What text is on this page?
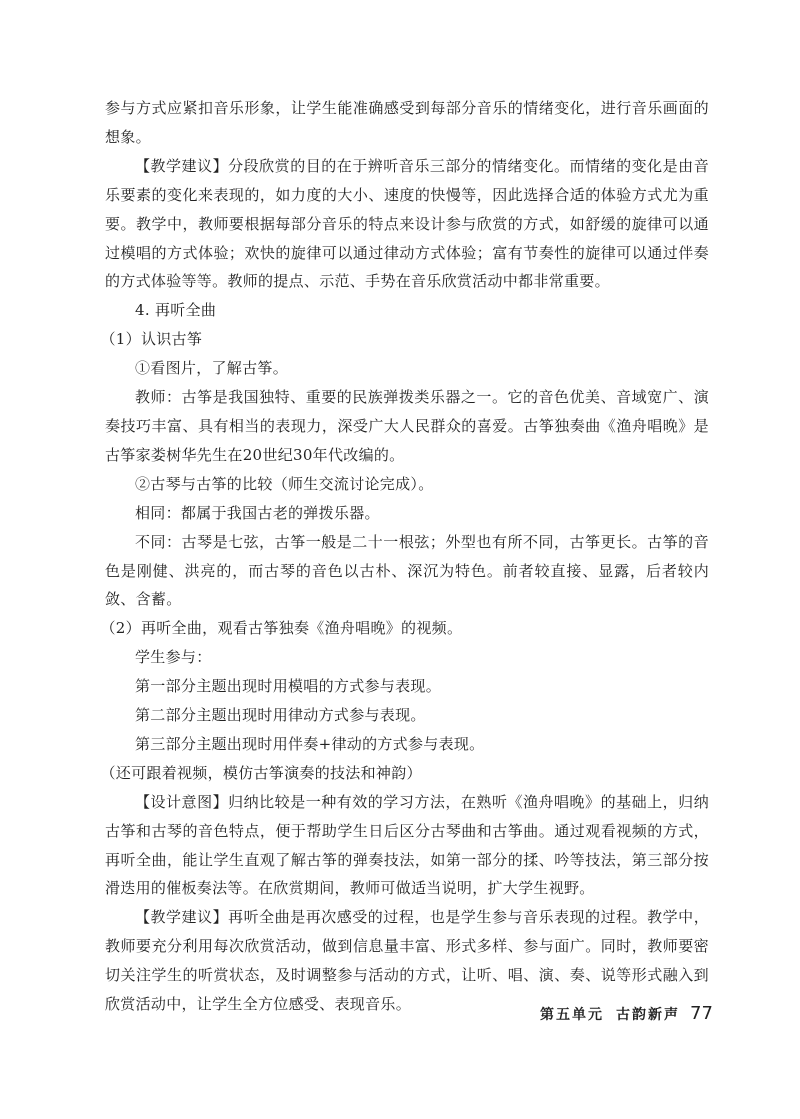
参与方式应紧扣音乐形象，让学生能准确感受到每部分音乐的情绪变化，进行音乐画面的想象。

【教学建议】分段欣赏的目的在于辨听音乐三部分的情绪变化。而情绪的变化是由音乐要素的变化来表现的，如力度的大小、速度的快慢等，因此选择合适的体验方式尤为重要。教学中，教师要根据每部分音乐的特点来设计参与欣赏的方式，如舒缓的旋律可以通过模唱的方式体验；欢快的旋律可以通过律动方式体验；富有节奏性的旋律可以通过伴奏的方式体验等等。教师的提点、示范、手势在音乐欣赏活动中都非常重要。

4. 再听全曲

（1）认识古筝

①看图片，了解古筝。

教师：古筝是我国独特、重要的民族弹拨类乐器之一。它的音色优美、音域宽广、演奏技巧丰富、具有相当的表现力，深受广大人民群众的喜爱。古筝独奏曲《渔舟唱晚》是古筝家娄树华先生在20世纪30年代改编的。

②古琴与古筝的比较（师生交流讨论完成）。

相同：都属于我国古老的弹拨乐器。

不同：古琴是七弦，古筝一般是二十一根弦；外型也有所不同，古筝更长。古筝的音色是刚健、洪亮的，而古琴的音色以古朴、深沉为特色。前者较直接、显露，后者较内敛、含蓄。

（2）再听全曲，观看古筝独奏《渔舟唱晚》的视频。

学生参与：

第一部分主题出现时用模唱的方式参与表现。

第二部分主题出现时用律动方式参与表现。

第三部分主题出现时用伴奏+律动的方式参与表现。

（还可跟着视频，模仿古筝演奏的技法和神韵）

【设计意图】归纳比较是一种有效的学习方法，在熟听《渔舟唱晚》的基础上，归纳古筝和古琴的音色特点，便于帮助学生日后区分古琴曲和古筝曲。通过观看视频的方式，再听全曲，能让学生直观了解古筝的弹奏技法，如第一部分的揉、吟等技法，第三部分按滑迭用的催板奏法等。在欣赏期间，教师可做适当说明，扩大学生视野。

【教学建议】再听全曲是再次感受的过程，也是学生参与音乐表现的过程。教学中，教师要充分利用每次欣赏活动，做到信息量丰富、形式多样、参与面广。同时，教师要密切关注学生的听赏状态，及时调整参与活动的方式，让听、唱、演、奏、说等形式融入到欣赏活动中，让学生全方位感受、表现音乐。

第五单元 古韵新声 77
